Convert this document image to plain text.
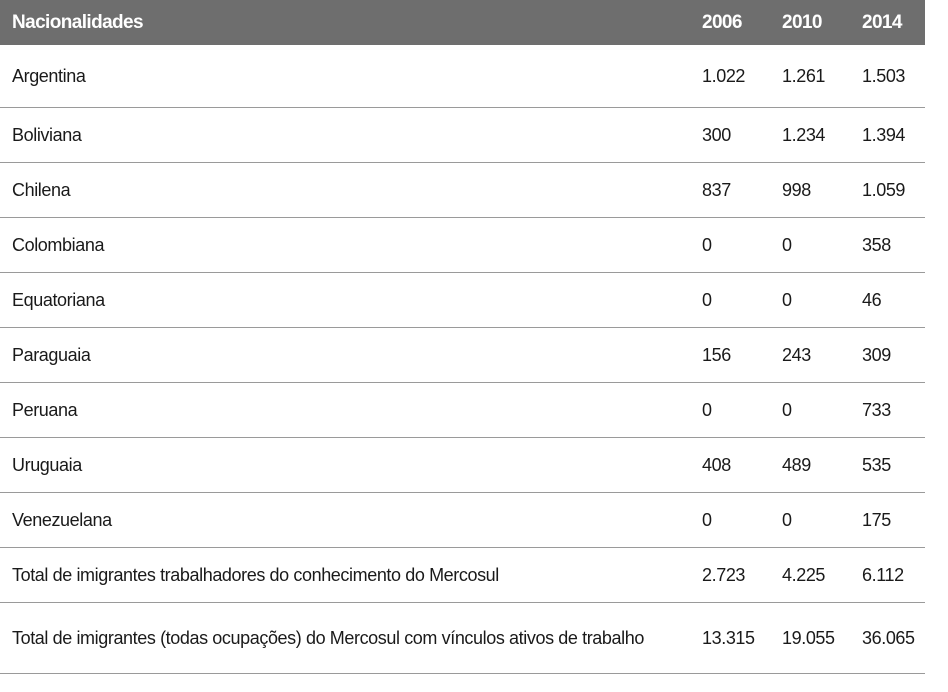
Nacionalidades	2006	2010	2014
Argentina	1.022	1.261	1.503
Boliviana	300	1.234	1.394
Chilena	837	998	1.059
Colombiana	0	0	358
Equatoriana	0	0	46
Paraguaia	156	243	309
Peruana	0	0	733
Uruguaia	408	489	535
Venezuelana	0	0	175
Total de imigrantes trabalhadores do conhecimento do Mercosul	2.723	4.225	6.112
Total de imigrantes (todas ocupações) do Mercosul com vínculos ativos de trabalho	13.315	19.055	36.065
